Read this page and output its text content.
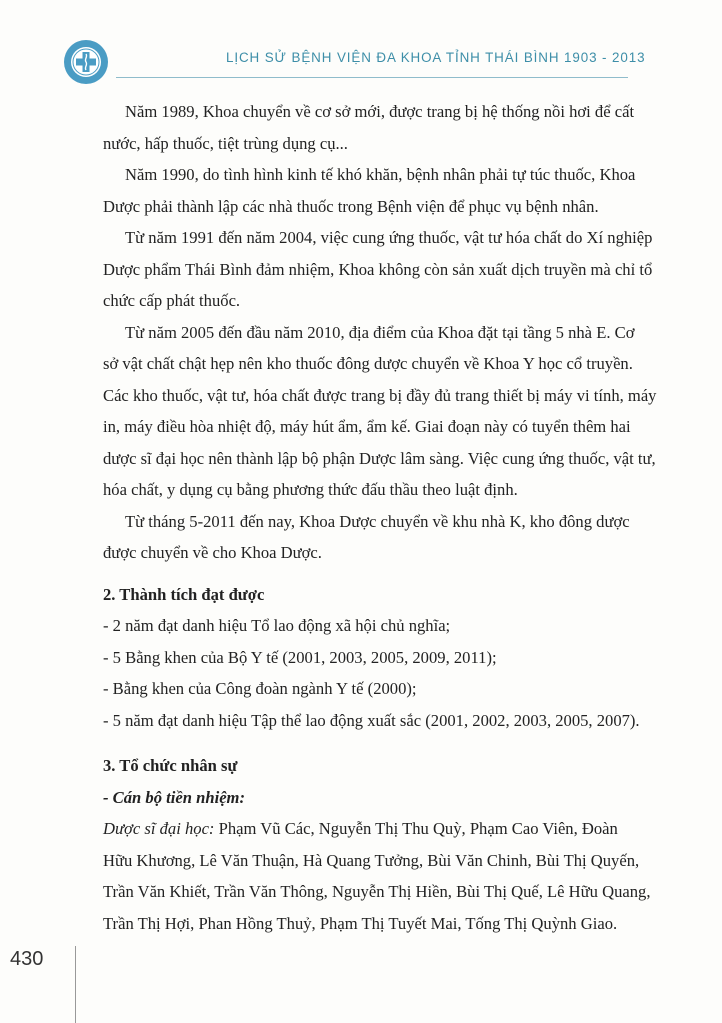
LỊCH SỬ BỆNH VIỆN ĐA KHOA TỈNH THÁI BÌNH 1903 - 2013

Năm 1989, Khoa chuyển về cơ sở mới, được trang bị hệ thống nồi hơi để cất
nước, hấp thuốc, tiệt trùng dụng cụ...

Năm 1990, do tình hình kinh tế khó khăn, bệnh nhân phải tự túc thuốc, Khoa
Dược phải thành lập các nhà thuốc trong Bệnh viện để phục vụ bệnh nhân.

Từ năm 1991 đến năm 2004, việc cung ứng thuốc, vật tư hóa chất do Xí nghiệp
Dược phẩm Thái Bình đảm nhiệm, Khoa không còn sản xuất dịch truyền mà chỉ tổ
chức cấp phát thuốc.

Từ năm 2005 đến đầu năm 2010, địa điểm của Khoa đặt tại tầng 5 nhà E. Cơ
sở vật chất chật hẹp nên kho thuốc đông dược chuyển về Khoa Y học cổ truyền.
Các kho thuốc, vật tư, hóa chất được trang bị đầy đủ trang thiết bị máy vi tính, máy
in, máy điều hòa nhiệt độ, máy hút ẩm, ẩm kế. Giai đoạn này có tuyển thêm hai
dược sĩ đại học nên thành lập bộ phận Dược lâm sàng. Việc cung ứng thuốc, vật tư,
hóa chất, y dụng cụ bằng phương thức đấu thầu theo luật định.

Từ tháng 5-2011 đến nay, Khoa Dược chuyển về khu nhà K, kho đông dược
được chuyển về cho Khoa Dược.

2. Thành tích đạt được

- 2 năm đạt danh hiệu Tổ lao động xã hội chủ nghĩa;

- 5 Bằng khen của Bộ Y tế (2001, 2003, 2005, 2009, 2011);

- Bằng khen của Công đoàn ngành Y tế (2000);

- 5 năm đạt danh hiệu Tập thể lao động xuất sắc (2001, 2002, 2003, 2005, 2007).

3. Tổ chức nhân sự

- Cán bộ tiền nhiệm:

Dược sĩ đại học: Phạm Vũ Các, Nguyễn Thị Thu Quỳ, Phạm Cao Viên, Đoàn
Hữu Khương, Lê Văn Thuận, Hà Quang Tưởng, Bùi Văn Chinh, Bùi Thị Quyến,
Trần Văn Khiết, Trần Văn Thông, Nguyễn Thị Hiền, Bùi Thị Quế, Lê Hữu Quang,
Trần Thị Hợi, Phan Hồng Thuỷ, Phạm Thị Tuyết Mai, Tống Thị Quỳnh Giao.

430
